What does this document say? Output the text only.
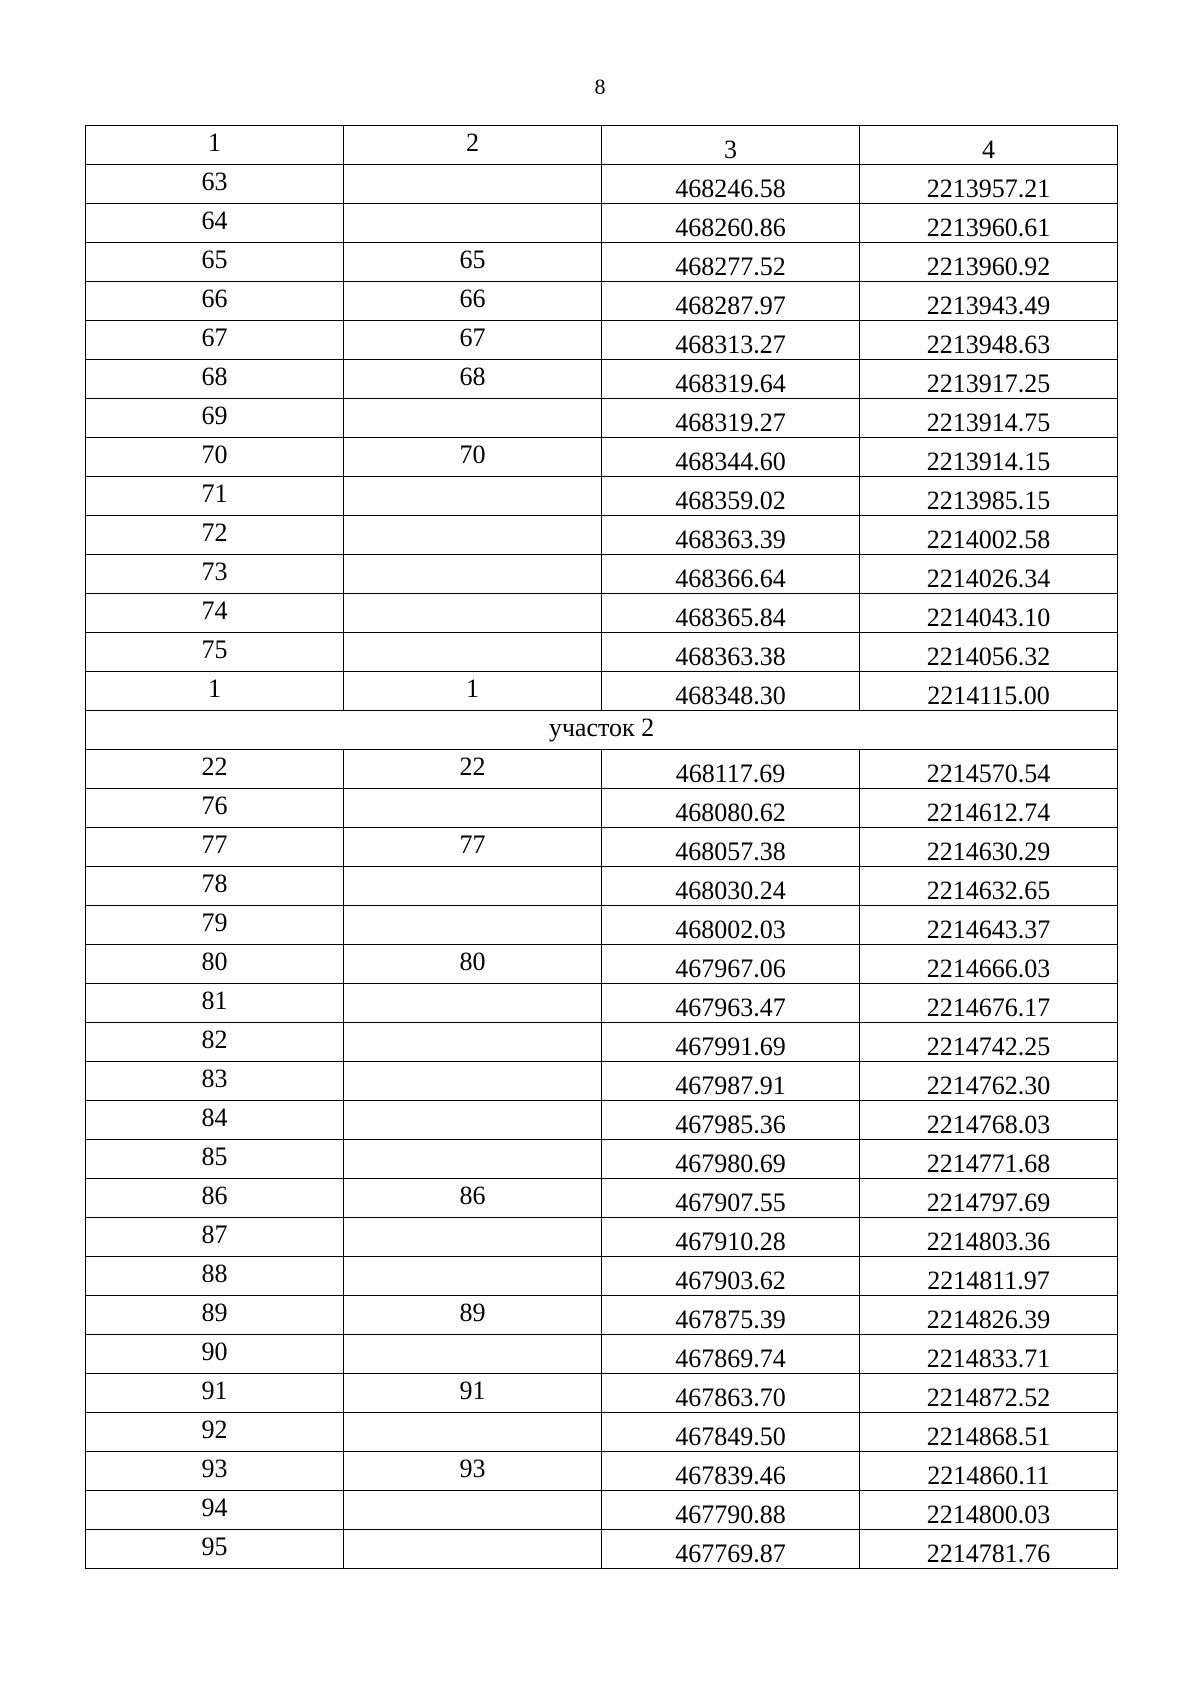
8
1	2	3	4
63		468246.58	2213957.21
64		468260.86	2213960.61
65	65	468277.52	2213960.92
66	66	468287.97	2213943.49
67	67	468313.27	2213948.63
68	68	468319.64	2213917.25
69		468319.27	2213914.75
70	70	468344.60	2213914.15
71		468359.02	2213985.15
72		468363.39	2214002.58
73		468366.64	2214026.34
74		468365.84	2214043.10
75		468363.38	2214056.32
1	1	468348.30	2214115.00
участок 2			
22	22	468117.69	2214570.54
76		468080.62	2214612.74
77	77	468057.38	2214630.29
78		468030.24	2214632.65
79		468002.03	2214643.37
80	80	467967.06	2214666.03
81		467963.47	2214676.17
82		467991.69	2214742.25
83		467987.91	2214762.30
84		467985.36	2214768.03
85		467980.69	2214771.68
86	86	467907.55	2214797.69
87		467910.28	2214803.36
88		467903.62	2214811.97
89	89	467875.39	2214826.39
90		467869.74	2214833.71
91	91	467863.70	2214872.52
92		467849.50	2214868.51
93	93	467839.46	2214860.11
94		467790.88	2214800.03
95		467769.87	2214781.76
